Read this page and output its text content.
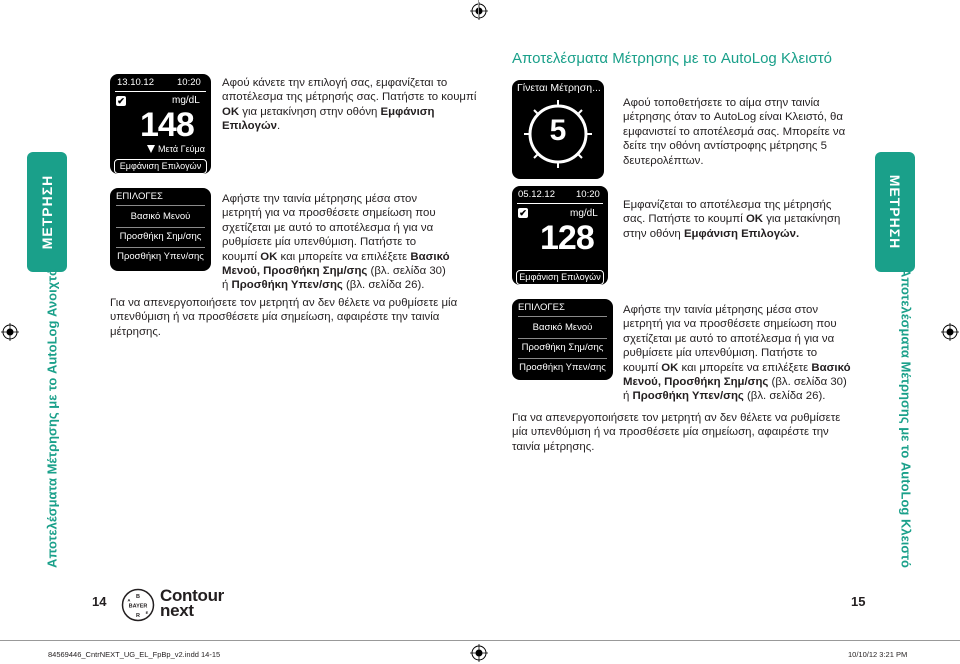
Αποτελέσματα Μέτρησης με το AutoLog Κλειστό
ΜΕΤΡΗΣΗ	ΜΕΤΡΗΣΗ
Αποτελέσματα Μέτρησης με το AutoLog Ανοιχτό	Αποτελέσματα Μέτρησης με το AutoLog Κλειστό
13.10.12 10:20
✔	mg/dL
148
Μετά Γεύμα
Εμφάνιση Επιλογών
Αφού κάνετε την επιλογή σας, εμφανίζεται το αποτέλεσμα της μέτρησής σας. Πατήστε το κουμπί OK για μετακίνηση στην οθόνη Εμφάνιση Επιλογών.
ΕΠΙΛΟΓΕΣ
Βασικό Μενού
Προσθήκη Σημ/σης
Προσθήκη Υπεν/σης
Αφήστε την ταινία μέτρησης μέσα στον μετρητή για να προσθέσετε σημείωση που σχετίζεται με αυτό το αποτέλεσμα ή για να ρυθμίσετε μία υπενθύμιση. Πατήστε το κουμπί OK και μπορείτε να επιλέξετε Βασικό Μενού, Προσθήκη Σημ/σης (βλ. σελίδα 30) ή Προσθήκη Υπεν/σης (βλ. σελίδα 26).
Για να απενεργοποιήσετε τον μετρητή αν δεν θέλετε να ρυθμίσετε μία υπενθύμιση ή να προσθέσετε μία σημείωση, αφαιρέστε την ταινία μέτρησης.
Γίνεται Μέτρηση...
5
Αφού τοποθετήσετε το αίμα στην ταινία μέτρησης όταν το AutoLog είναι Κλειστό, θα εμφανιστεί το αποτέλεσμά σας. Μπορείτε να δείτε την οθόνη αντίστροφης μέτρησης 5 δευτερολέπτων.
05.12.12 10:20
✔	mg/dL
128
Εμφάνιση Επιλογών
Εμφανίζεται το αποτέλεσμα της μέτρησής σας. Πατήστε το κουμπί OK για μετακίνηση στην οθόνη Εμφάνιση Επιλογών.
ΕΠΙΛΟΓΕΣ
Βασικό Μενού
Προσθήκη Σημ/σης
Προσθήκη Υπεν/σης
Αφήστε την ταινία μέτρησης μέσα στον μετρητή για να προσθέσετε σημείωση που σχετίζεται με αυτό το αποτέλεσμα ή για να ρυθμίσετε μία υπενθύμιση. Πατήστε το κουμπί OK και μπορείτε να επιλέξετε Βασικό Μενού, Προσθήκη Σημ/σης (βλ. σελίδα 30) ή Προσθήκη Υπεν/σης (βλ. σελίδα 26).
Για να απενεργοποιήσετε τον μετρητή αν δεν θέλετε να ρυθμίσετε μία υπενθύμιση ή να προσθέσετε μία σημείωση, αφαιρέστε την ταινία μέτρησης.
14	15
B
BAYER
R
A
E
Contour
next
84569446_CntrNEXT_UG_EL_FpBp_v2.indd 14-15	10/10/12 3:21 PM
